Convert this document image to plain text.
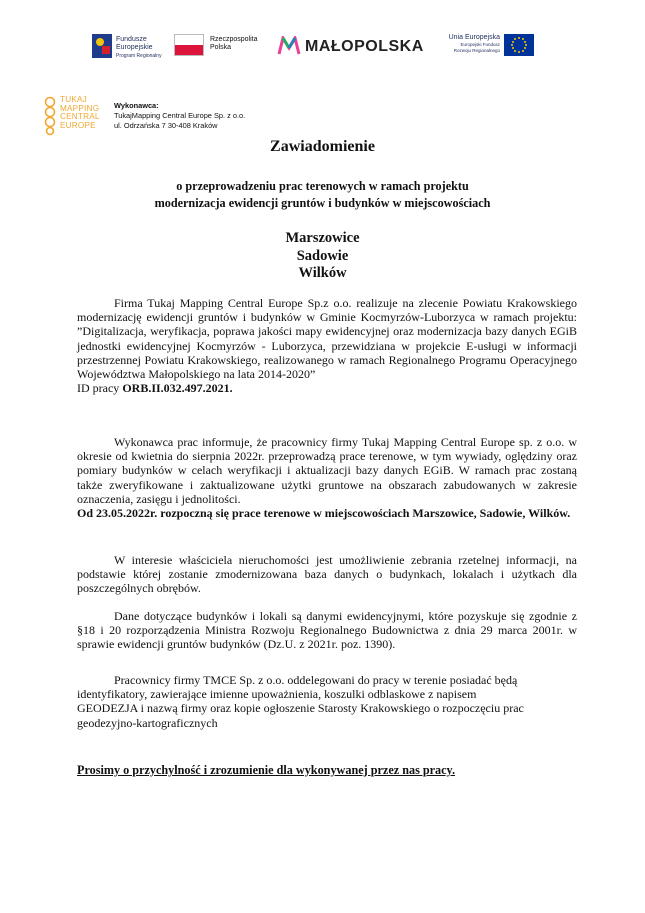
Fundusze
Europejskie
Program Regionalny
Rzeczpospolita
Polska	MAŁOPOLSKA
Unia Europejska
Europejski Fundusz
Rozwoju Regionalnego
TUKAJ
MAPPING
CENTRAL
EUROPE
Wykonawca:
TukajMapping Central Europe Sp. z o.o.
ul. Odrzańska 7 30-408 Kraków
Zawiadomienie
o przeprowadzeniu prac terenowych w ramach projektu
modernizacja ewidencji gruntów i budynków w miejscowościach
Marszowice
Sadowie
Wilków
Firma Tukaj Mapping Central Europe Sp.z o.o. realizuje na zlecenie Powiatu Krakowskiego modernizację ewidencji gruntów i budynków w Gminie Kocmyrzów-Luborzyca w ramach projektu: ”Digitalizacja, weryfikacja, poprawa jakości mapy ewidencyjnej oraz modernizacja bazy danych EGiB jednostki ewidencyjnej Kocmyrzów - Luborzyca, przewidziana w projekcie E-usługi w informacji przestrzennej Powiatu Krakowskiego, realizowanego w ramach Regionalnego Programu Operacyjnego Województwa Małopolskiego na lata 2014-2020”
ID pracy ORB.II.032.497.2021.
Wykonawca prac informuje, że pracownicy firmy Tukaj Mapping Central Europe sp. z o.o. w okresie od kwietnia do sierpnia 2022r. przeprowadzą prace terenowe, w tym wywiady, oględziny oraz pomiary budynków w celach weryfikacji i aktualizacji bazy danych EGiB. W ramach prac zostaną także zweryfikowane i zaktualizowane użytki gruntowe na obszarach zabudowanych w zakresie oznaczenia, zasięgu i jednolitości.
Od 23.05.2022r. rozpoczną się prace terenowe w miejscowościach Marszowice, Sadowie, Wilków.
W interesie właściciela nieruchomości jest umożliwienie zebrania rzetelnej informacji, na podstawie której zostanie zmodernizowana baza danych o budynkach, lokalach i użytkach dla poszczególnych obrębów.
Dane dotyczące budynków i lokali są danymi ewidencyjnymi, które pozyskuje się zgodnie z §18 i 20 rozporządzenia Ministra Rozwoju Regionalnego Budownictwa z dnia 29 marca 2001r. w sprawie ewidencji gruntów budynków (Dz.U. z 2021r. poz. 1390).
Pracownicy firmy TMCE Sp. z o.o. oddelegowani do pracy w terenie posiadać będą
identyfikatory, zawierające imienne upoważnienia, koszulki odblaskowe z napisem
GEODEZJA i nazwą firmy oraz kopie ogłoszenie Starosty Krakowskiego o rozpoczęciu prac
geodezyjno-kartograficznych
Prosimy o przychylność i zrozumienie dla wykonywanej przez nas pracy.
